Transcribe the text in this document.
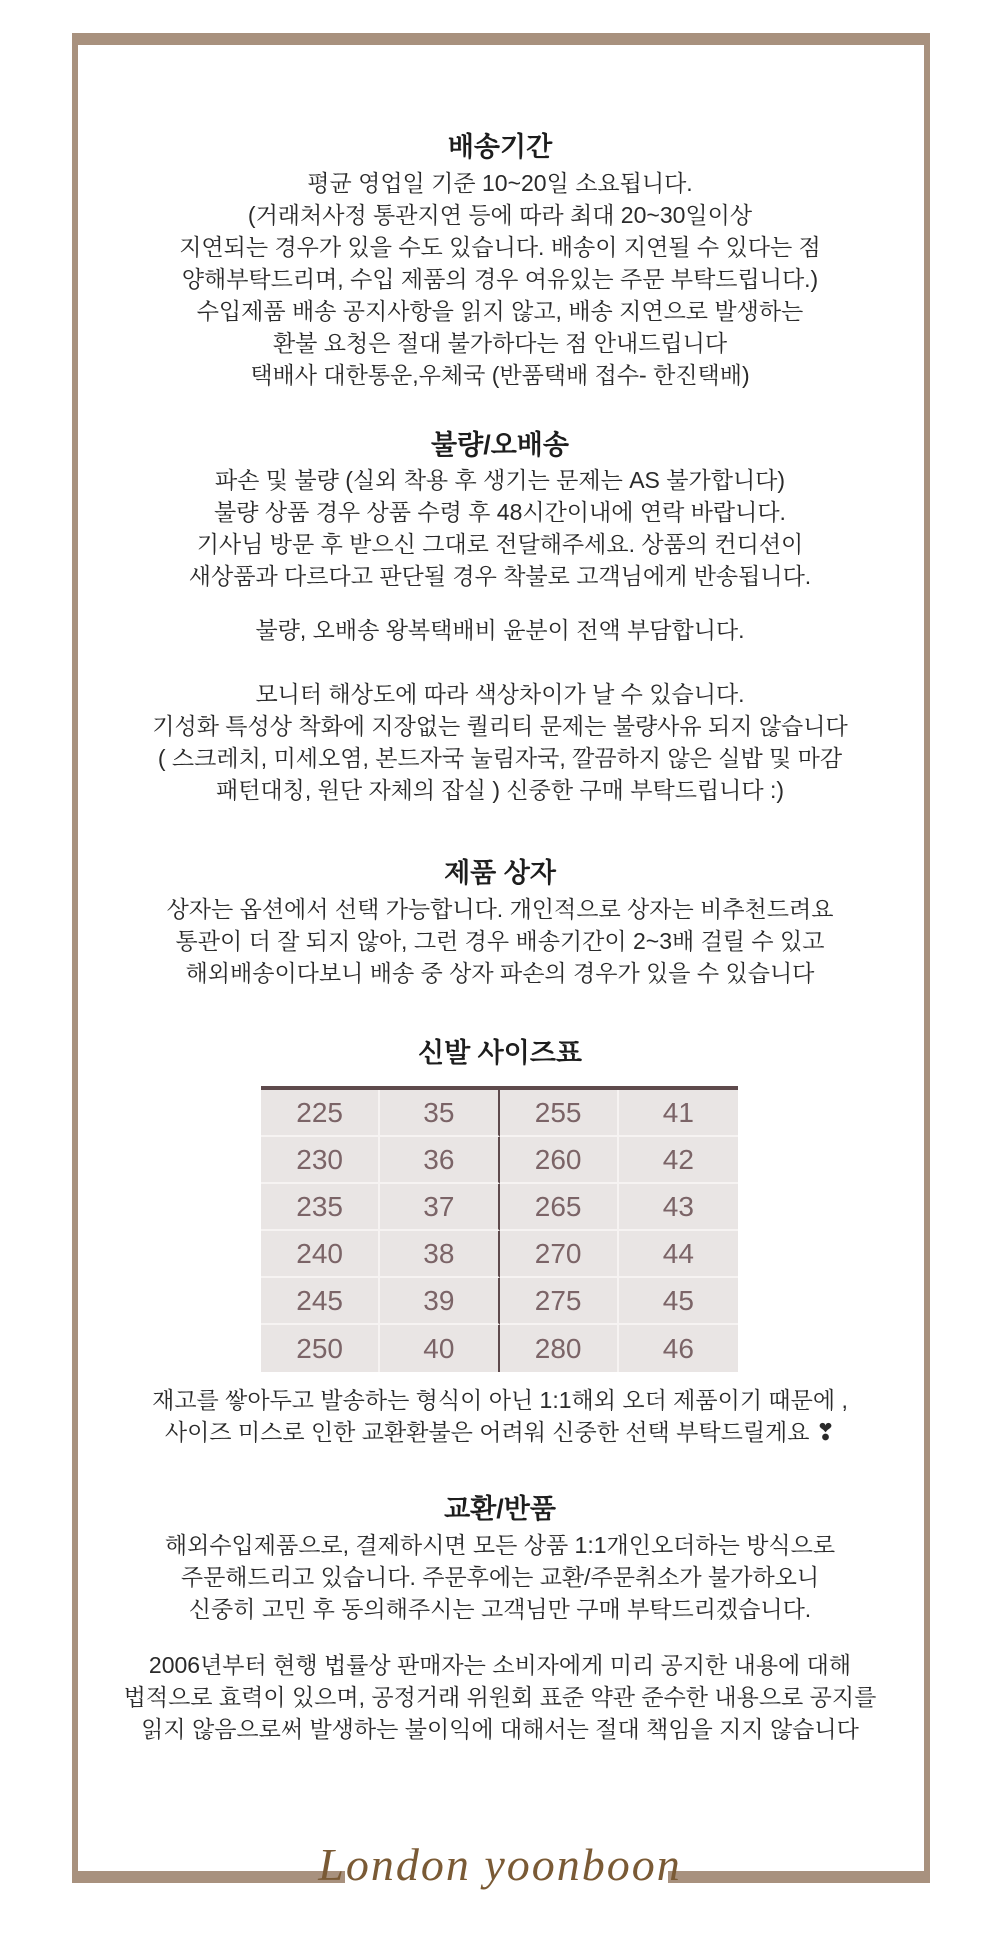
배송기간

평균 영업일 기준 10~20일 소요됩니다.

(거래처사정 통관지연 등에 따라 최대 20~30일이상

지연되는 경우가 있을 수도 있습니다. 배송이 지연될 수 있다는 점

양해부탁드리며, 수입 제품의 경우 여유있는 주문 부탁드립니다.)

수입제품 배송 공지사항을 읽지 않고, 배송 지연으로 발생하는

환불 요청은 절대 불가하다는 점 안내드립니다

택배사 대한통운,우체국 (반품택배 접수- 한진택배)

불량/오배송

파손 및 불량 (실외 착용 후 생기는 문제는 AS 불가합니다)

불량 상품 경우 상품 수령 후 48시간이내에 연락 바랍니다.

기사님 방문 후 받으신 그대로 전달해주세요. 상품의 컨디션이

새상품과 다르다고 판단될 경우 착불로 고객님에게 반송됩니다.

불량, 오배송 왕복택배비 윤분이 전액 부담합니다.

모니터 해상도에 따라 색상차이가 날 수 있습니다.

기성화 특성상 착화에 지장없는 퀄리티 문제는 불량사유 되지 않습니다

( 스크레치, 미세오염, 본드자국 눌림자국, 깔끔하지 않은 실밥 및 마감

패턴대칭, 원단 자체의 잡실 ) 신중한 구매 부탁드립니다 :)

제품 상자

상자는 옵션에서 선택 가능합니다. 개인적으로 상자는 비추천드려요

통관이 더 잘 되지 않아, 그런 경우 배송기간이 2~3배 걸릴 수 있고

해외배송이다보니 배송 중 상자 파손의 경우가 있을 수 있습니다

신발 사이즈표
225	35	255	41
230	36	260	42
235	37	265	43
240	38	270	44
245	39	275	45
250	40	280	46

재고를 쌓아두고 발송하는 형식이 아닌 1:1해외 오더 제품이기 때문에 ,

사이즈 미스로 인한 교환환불은 어려워 신중한 선택 부탁드릴게요 ❣

교환/반품

해외수입제품으로, 결제하시면 모든 상품 1:1개인오더하는 방식으로

주문해드리고 있습니다. 주문후에는 교환/주문취소가 불가하오니

신중히 고민 후 동의해주시는 고객님만 구매 부탁드리겠습니다.

2006년부터 현행 법률상 판매자는 소비자에게 미리 공지한 내용에 대해

법적으로 효력이 있으며, 공정거래 위원회 표준 약관 준수한 내용으로 공지를

읽지 않음으로써 발생하는 불이익에 대해서는 절대 책임을 지지 않습니다

London yoonboon
